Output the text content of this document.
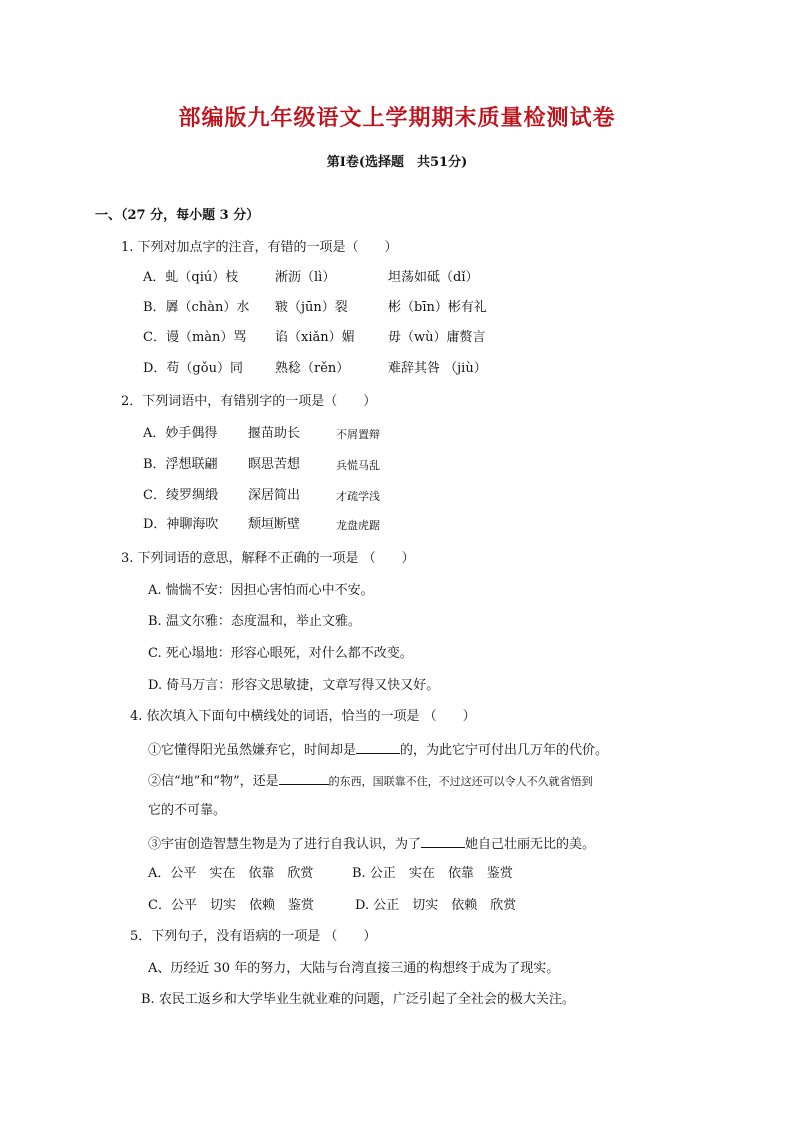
部编版九年级语文上学期期末质量检测试卷
第Ⅰ卷(选择题　共51分)
一、（27 分，每小题 3 分）
1. 下列对加点字的注音，有错的一项是（　　）
A．虬（qiú）枝	淅沥（lì）	坦荡如砥（dǐ）
B．羼（chàn）水 皲（jūn）裂	彬（bīn）彬有礼
C．谩（màn）骂 谄（xiǎn）媚	毋（wù）庸赘言
D．苟（gǒu）同 熟稔（rěn）	难辞其咎 （jiù）
2．下列词语中，有错别字的一项是（　　）
A．妙手偶得 揠苗助长	不屑置辩
B．浮想联翩 瞑思苦想	兵慌马乱
C．绫罗绸缎 深居简出	才疏学浅
D．神聊海吹 颓垣断壁	龙盘虎踞
3. 下列词语的意思，解释不正确的一项是 （　　）
A. 惴惴不安：因担心害怕而心中不安。
B. 温文尔雅：态度温和，举止文雅。
C. 死心塌地：形容心眼死，对什么都不改变。
D. 倚马万言：形容文思敏捷，文章写得又快又好。
4. 依次填入下面句中横线处的词语，恰当的一项是 （　　）
①它懂得阳光虽然嫌弃它，时间却是	的，为此它宁可付出几万年的代价。
②信“地”和“物”，还是	的东西，国联靠不住，不过这还可以令人不久就省悟到
它的不可靠。
③宇宙创造智慧生物是为了进行自我认识，为了	她自己壮丽无比的美。
A．公平　实在　依靠　欣赏	B. 公正　实在　依靠　鉴赏
C．公平　切实　依赖　鉴赏	D. 公正　切实　依赖　欣赏
5．下列句子，没有语病的一项是 （　　）
A、历经近 30 年的努力，大陆与台湾直接三通的构想终于成为了现实。
B. 农民工返乡和大学毕业生就业难的问题，广泛引起了全社会的极大关注。
